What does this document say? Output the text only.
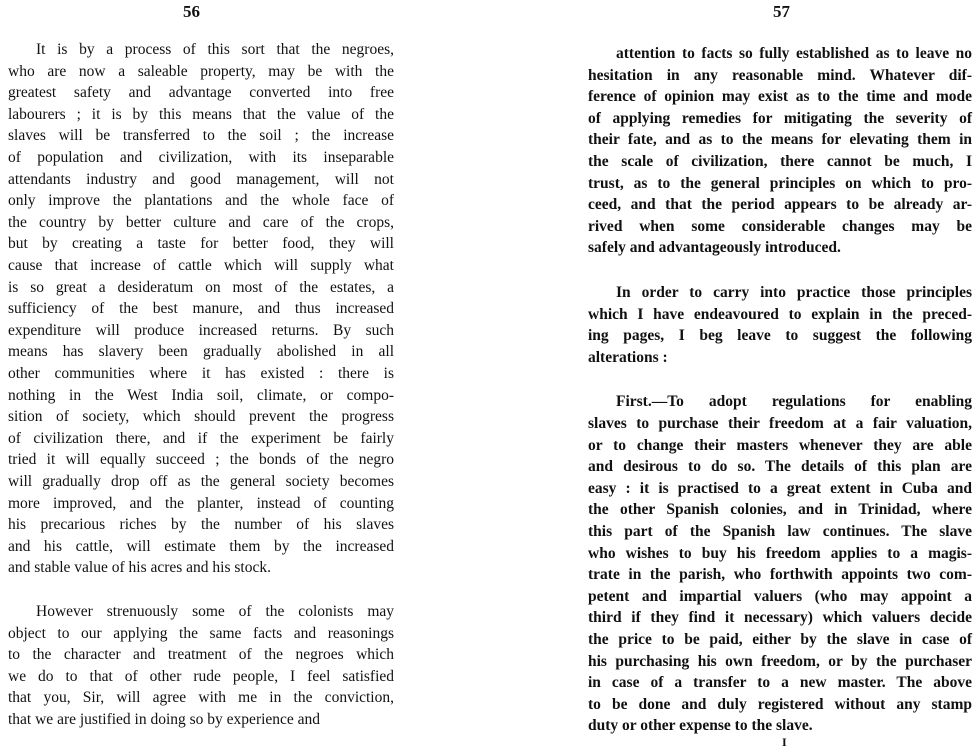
56
It is by a process of this sort that the negroes,
who are now a saleable property, may be with the
greatest safety and advantage converted into free
labourers ; it is by this means that the value of the
slaves will be transferred to the soil ; the increase
of population and civilization, with its inseparable
attendants industry and good management, will not
only improve the plantations and the whole face of
the country by better culture and care of the crops,
but by creating a taste for better food, they will
cause that increase of cattle which will supply what
is so great a desideratum on most of the estates, a
sufficiency of the best manure, and thus increased
expenditure will produce increased returns. By such
means has slavery been gradually abolished in all
other communities where it has existed : there is
nothing in the West India soil, climate, or compo-
sition of society, which should prevent the progress
of civilization there, and if the experiment be fairly
tried it will equally succeed ; the bonds of the negro
will gradually drop off as the general society becomes
more improved, and the planter, instead of counting
his precarious riches by the number of his slaves
and his cattle, will estimate them by the increased
and stable value of his acres and his stock.
However strenuously some of the colonists may
object to our applying the same facts and reasonings
to the character and treatment of the negroes which
we do to that of other rude people, I feel satisfied
that you, Sir, will agree with me in the conviction,
that we are justified in doing so by experience and
57
attention to facts so fully established as to leave no
hesitation in any reasonable mind. Whatever dif-
ference of opinion may exist as to the time and mode
of applying remedies for mitigating the severity of
their fate, and as to the means for elevating them in
the scale of civilization, there cannot be much, I
trust, as to the general principles on which to pro-
ceed, and that the period appears to be already ar-
rived when some considerable changes may be
safely and advantageously introduced.
In order to carry into practice those principles
which I have endeavoured to explain in the preced-
ing pages, I beg leave to suggest the following
alterations :
First.—To adopt regulations for enabling
slaves to purchase their freedom at a fair valuation,
or to change their masters whenever they are able
and desirous to do so. The details of this plan are
easy : it is practised to a great extent in Cuba and
the other Spanish colonies, and in Trinidad, where
this part of the Spanish law continues. The slave
who wishes to buy his freedom applies to a magis-
trate in the parish, who forthwith appoints two com-
petent and impartial valuers (who may appoint a
third if they find it necessary) which valuers decide
the price to be paid, either by the slave in case of
his purchasing his own freedom, or by the purchaser
in case of a transfer to a new master. The above
to be done and duly registered without any stamp
duty or other expense to the slave.
I
